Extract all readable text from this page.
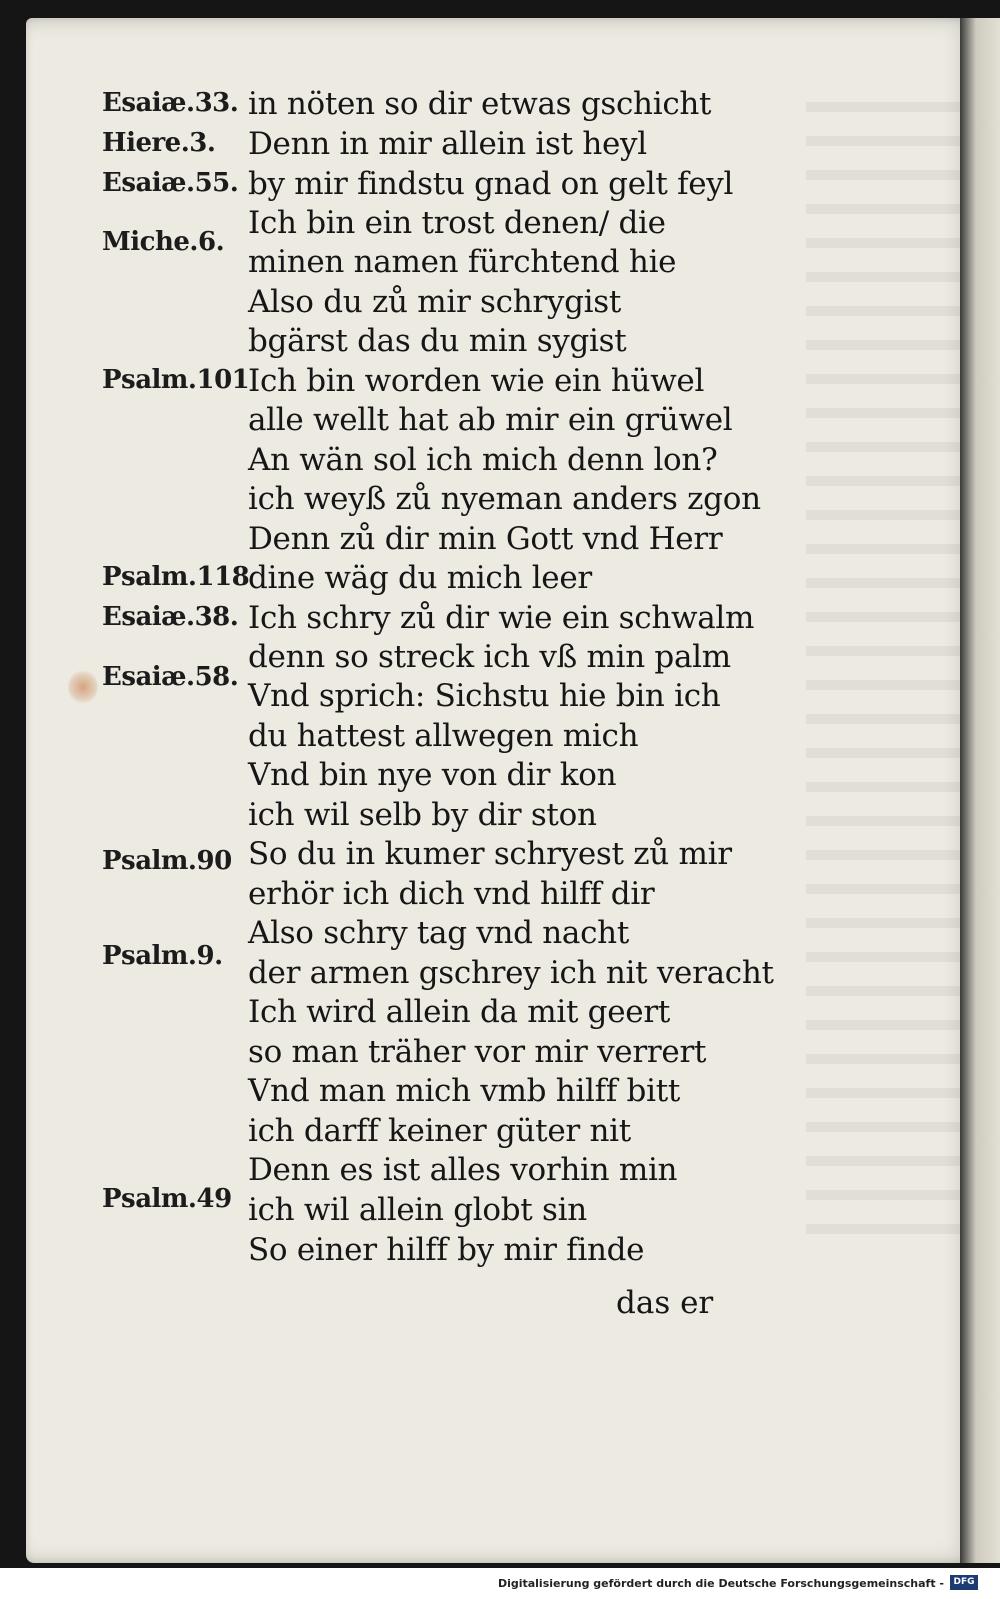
Esaiæ.33. in nöten so dir etwas gschicht
Hiere.3. Denn in mir allein ist heyl
Esaiæ.55. by mir findstu gnad on gelt feyl
Miche.6.
Ich bin ein trost denen/ die
minen namen fürchtend hie
Also du zů mir schrygist
bgärst das du min sygist
Psalm.101
Ich bin worden wie ein hüwel
alle wellt hat ab mir ein grüwel
An wän sol ich mich denn lon?
ich weyß zů nyeman anders zgon
Denn zů dir min Gott vnd Herr
Psalm.118
dine wäg du mich leer
Esaiæ.38. Ich schry zů dir wie ein schwalm
denn so streck ich vß min palm
Esaiæ.58.
Vnd sprich: Sichstu hie bin ich
du hattest allwegen mich
Vnd bin nye von dir kon
ich wil selb by dir ston
Psalm.90 So du in kumer schryest zů mir
erhör ich dich vnd hilff dir
Also schry tag vnd nacht
Psalm.9. der armen gschrey ich nit veracht
Ich wird allein da mit geert
so man träher vor mir verrert
Vnd man mich vmb hilff bitt
ich darff keiner güter nit
Denn es ist alles vorhin min
Psalm.49 ich wil allein globt sin
So einer hilff by mir finde
das er
Digitalisierung gefördert durch die Deutsche Forschungsgemeinschaft -	DFG
